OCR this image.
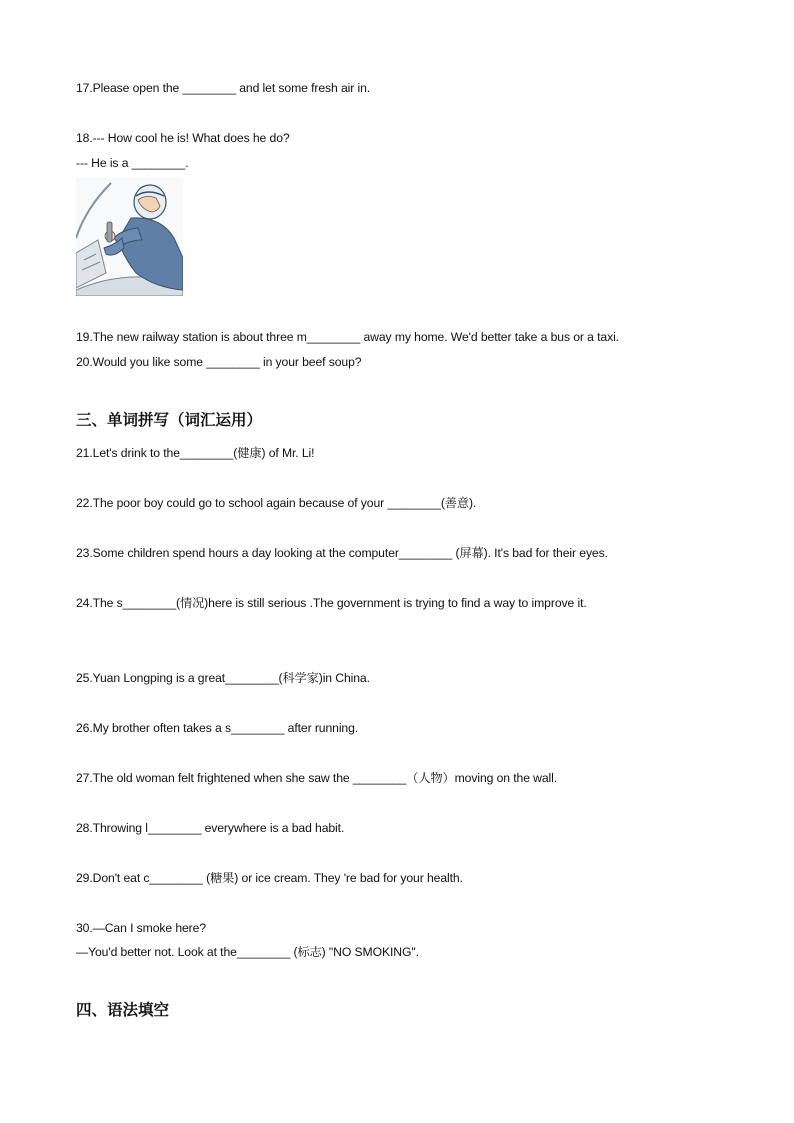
17.Please open the ________ and let some fresh air in.
18.--- How cool he is! What does he do?
--- He is a ________.
19.The new railway station is about three m________ away my home. We'd better take a bus or a taxi.
20.Would you like some ________ in your beef soup?
三、单词拼写（词汇运用）
21.Let's drink to the________(健康) of Mr. Li!
22.The poor boy could go to school again because of your ________(善意).
23.Some children spend hours a day looking at the computer________ (屏幕). It's bad for their eyes.
24.The s________(情况)here is still serious .The government is trying to find a way to improve it.
25.Yuan Longping is a great________(科学家)in China.
26.My brother often takes a s________ after running.
27.The old woman felt frightened when she saw the ________（人物）moving on the wall.
28.Throwing l________ everywhere is a bad habit.
29.Don't eat c________ (糖果) or ice cream. They 're bad for your health.
30.—Can I smoke here?
—You'd better not. Look at the________ (标志) "NO SMOKING".
四、语法填空
